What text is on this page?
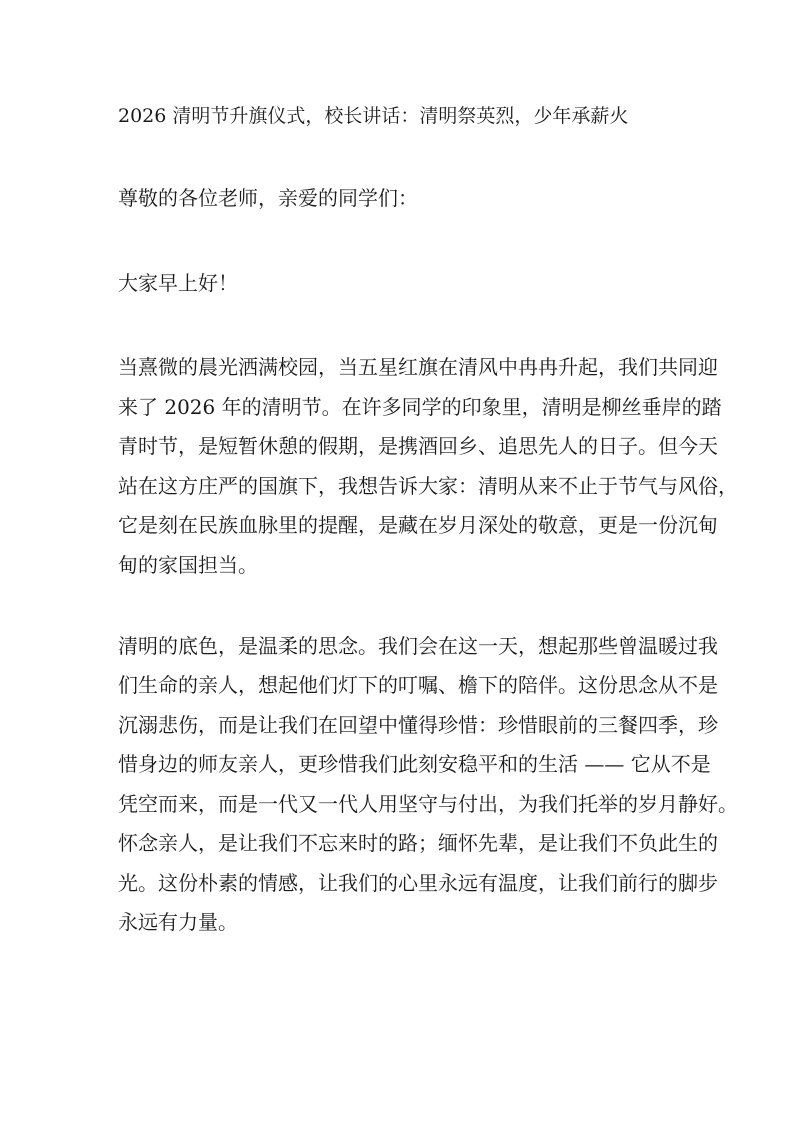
2026 清明节升旗仪式，校长讲话：清明祭英烈，少年承薪火
尊敬的各位老师，亲爱的同学们：
大家早上好！
当熹微的晨光洒满校园，当五星红旗在清风中冉冉升起，我们共同迎
来了 2026 年的清明节。在许多同学的印象里，清明是柳丝垂岸的踏
青时节，是短暂休憩的假期，是携酒回乡、追思先人的日子。但今天
站在这方庄严的国旗下，我想告诉大家：清明从来不止于节气与风俗，
它是刻在民族血脉里的提醒，是藏在岁月深处的敬意，更是一份沉甸
甸的家国担当。
清明的底色，是温柔的思念。我们会在这一天，想起那些曾温暖过我
们生命的亲人，想起他们灯下的叮嘱、檐下的陪伴。这份思念从不是
沉溺悲伤，而是让我们在回望中懂得珍惜：珍惜眼前的三餐四季，珍
惜身边的师友亲人，更珍惜我们此刻安稳平和的生活 —— 它从不是
凭空而来，而是一代又一代人用坚守与付出，为我们托举的岁月静好。
怀念亲人，是让我们不忘来时的路；缅怀先辈，是让我们不负此生的
光。这份朴素的情感，让我们的心里永远有温度，让我们前行的脚步
永远有力量。
